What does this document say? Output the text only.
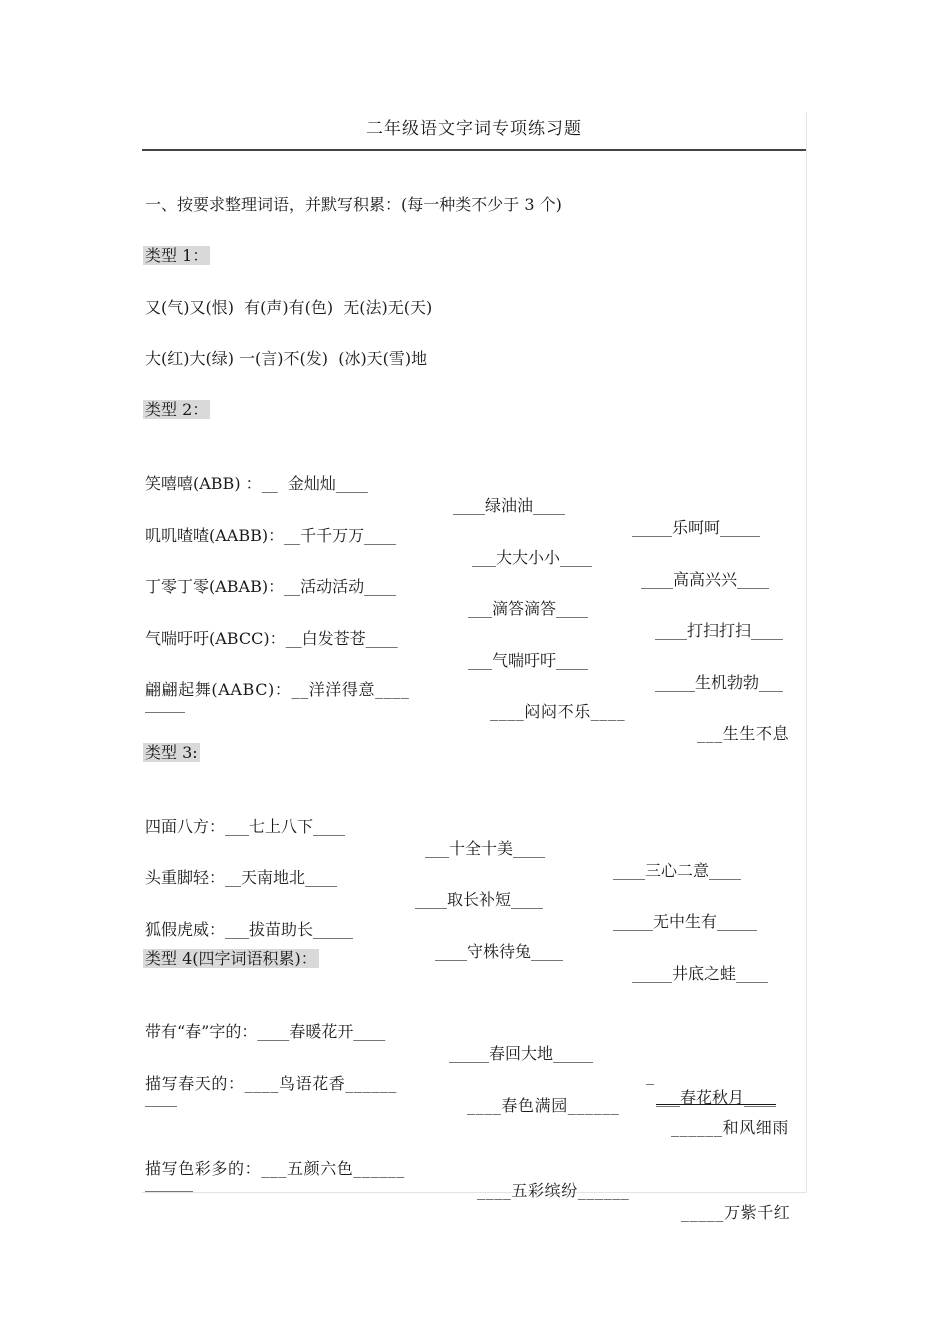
二年级语文字词专项练习题
一、按要求整理词语，并默写积累：(每一种类不少于 3 个)
类型 1：
又(气)又(恨)  有(声)有(色)  无(法)无(天)
大(红)大(绿) 一(言)不(发)  (冰)天(雪)地
类型 2：

笑嘻嘻(ABB) ：__  金灿灿____

____绿油油____

_____乐呵呵_____

叽叽喳喳(AABB)：__千千万万____

___大大小小____

____高高兴兴____

丁零丁零(ABAB)：__活动活动____

___滴答滴答____

____打扫打扫____

气喘吁吁(ABCC)：__白发苍苍____

___气喘吁吁____

_____生机勃勃___

翩翩起舞(AABC)：__洋洋得意____

____闷闷不乐____

___生生不息

_____
类型 3:

四面八方：___七上八下____

___十全十美____

____三心二意____

头重脚轻：__天南地北____

____取长补短____

_____无中生有_____

狐假虎威：___拔苗助长_____

____守株待兔____

_____井底之蛙____

类型 4(四字词语积累)：

带有“春”字的：____春暖花开____

_____春回大地_____

_

___春花秋月____

描写春天的：____鸟语花香______

____春色满园______

______和风细雨

____

描写色彩多的：___五颜六色______

____五彩缤纷______

_____万紫千红

______
